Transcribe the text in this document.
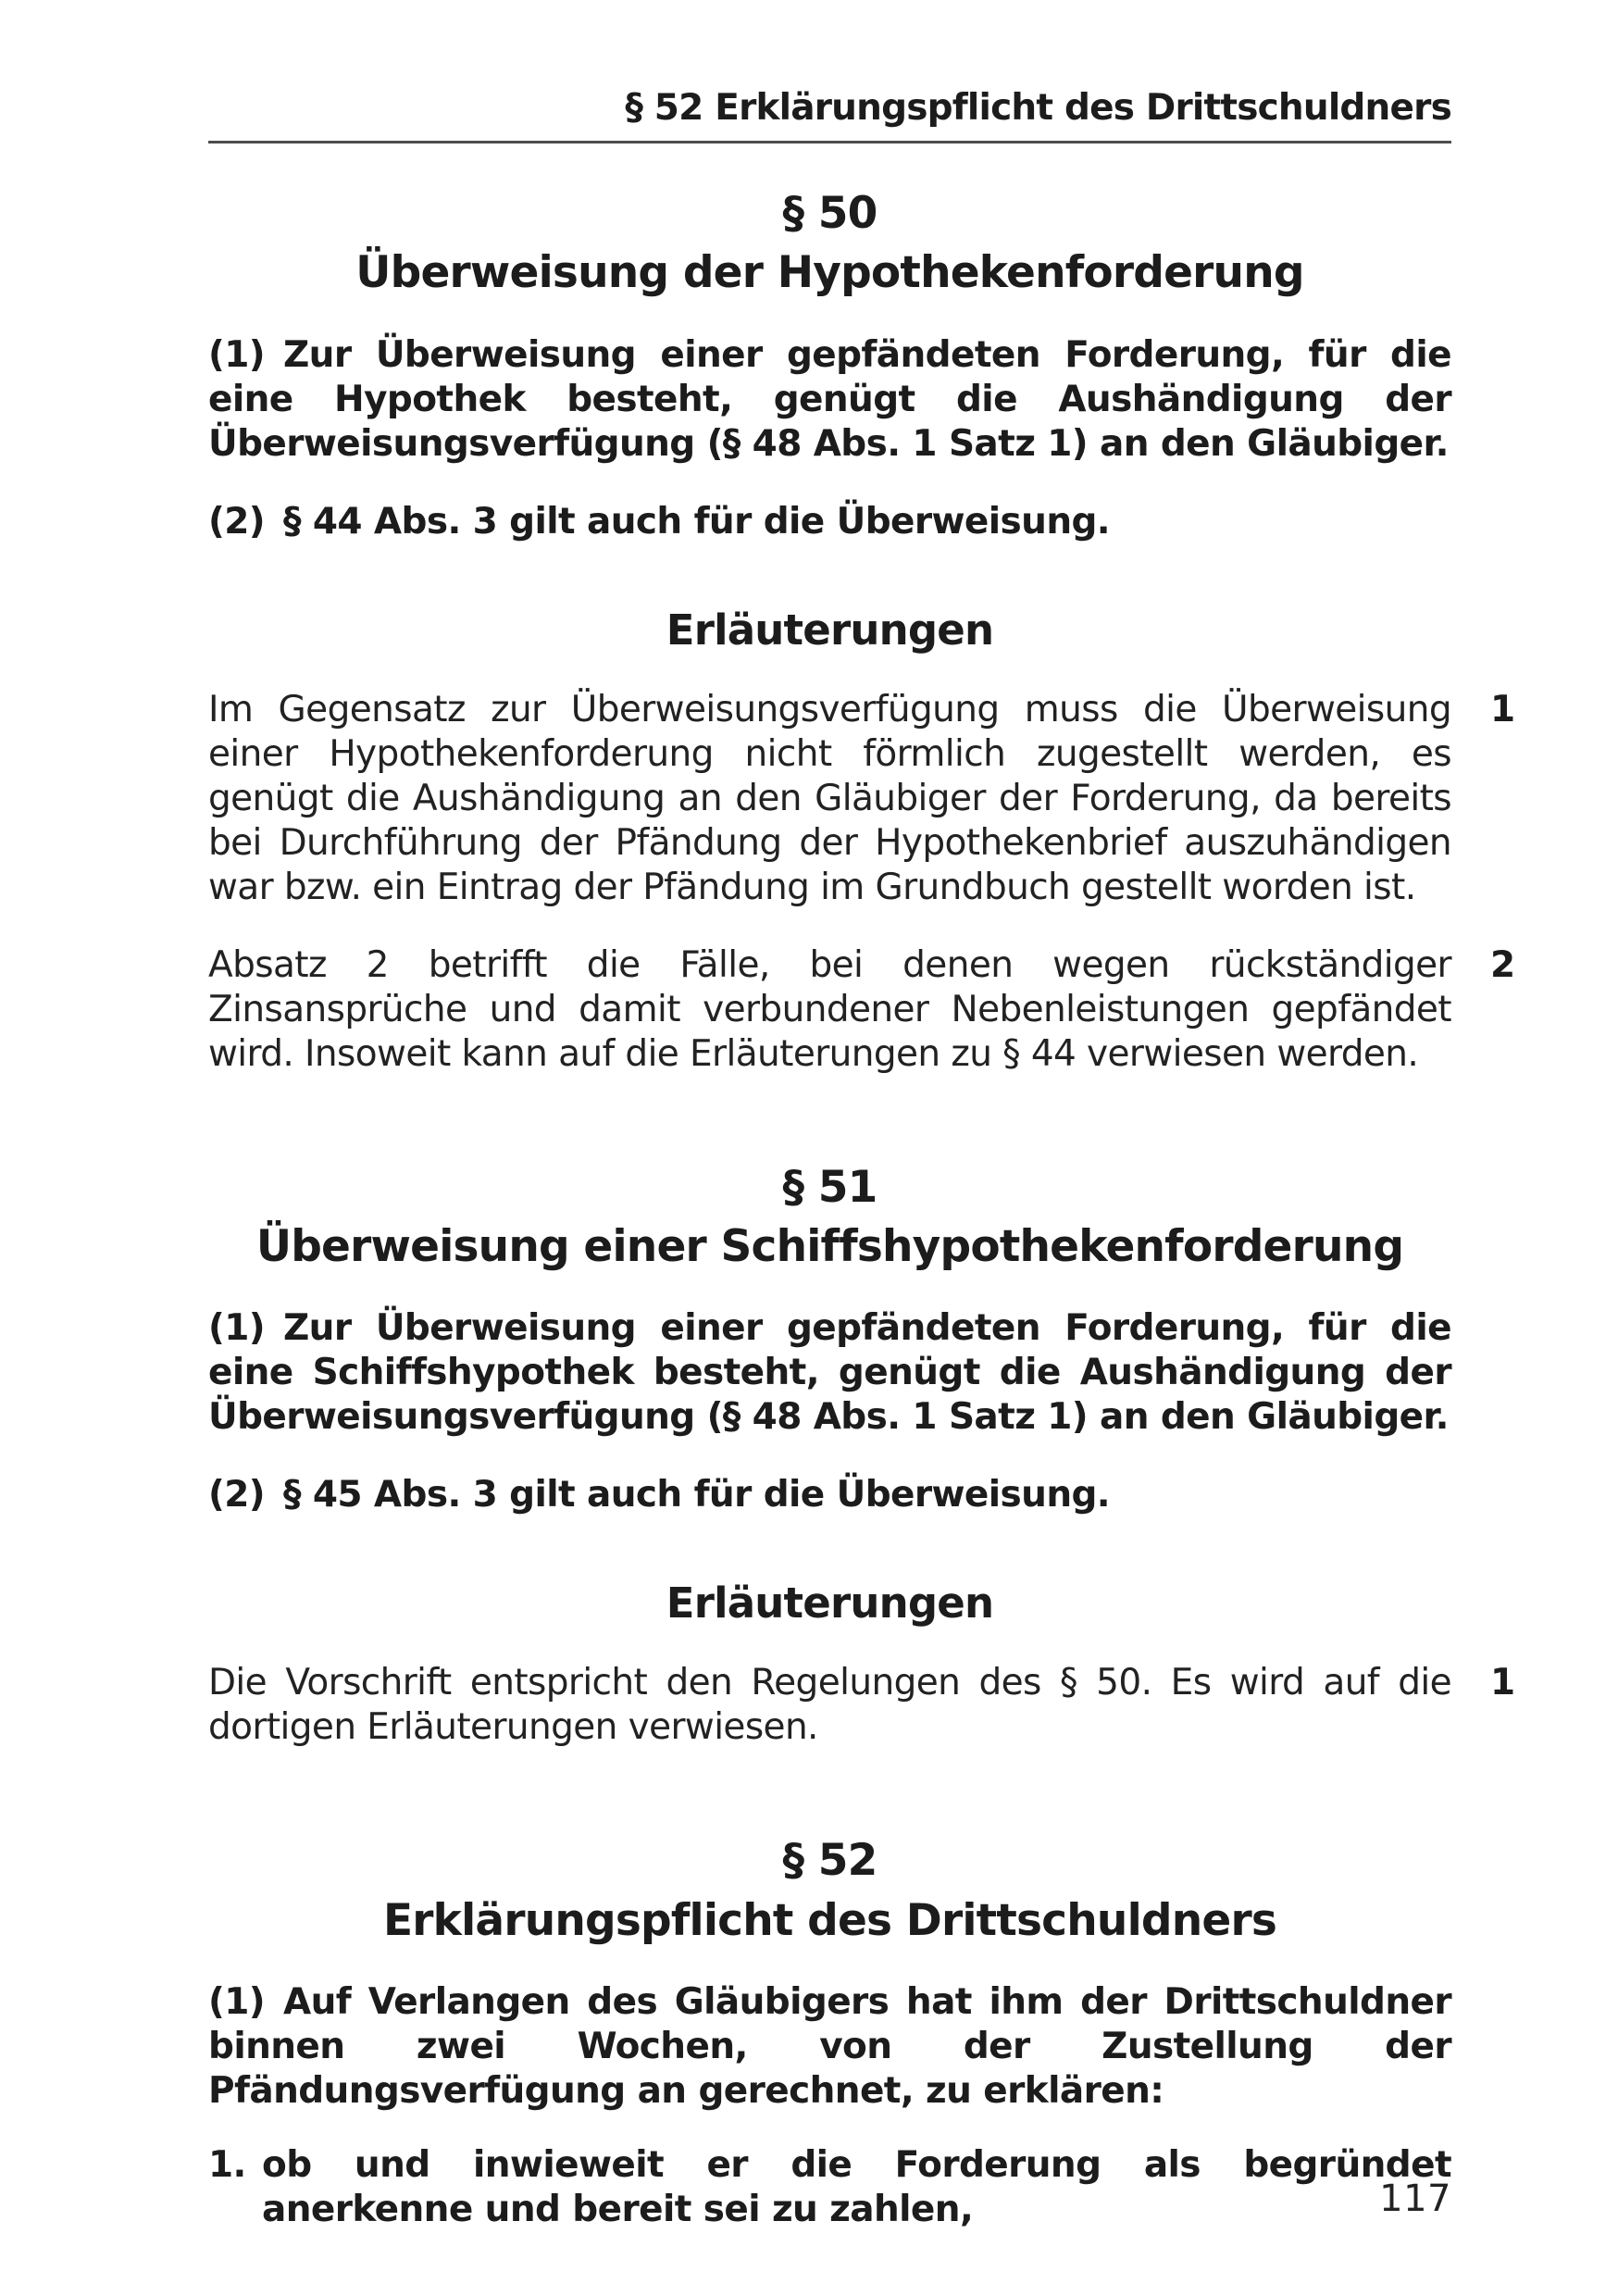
§ 52 Erklärungspflicht des Drittschuldners
§ 50
Überweisung der Hypothekenforderung

(1) Zur Überweisung einer gepfändeten Forderung, für die eine Hypothek besteht, genügt die Aushändigung der Überweisungsverfügung (§ 48 Abs. 1 Satz 1) an den Gläubiger.

(2) § 44 Abs. 3 gilt auch für die Überweisung.

Erläuterungen

Im Gegensatz zur Überweisungsverfügung muss die Überweisung einer Hypothekenforderung nicht förmlich zugestellt werden, es genügt die Aushändigung an den Gläubiger der Forderung, da bereits bei Durchführung der Pfändung der Hypothekenbrief auszuhändigen war bzw. ein Eintrag der Pfändung im Grundbuch gestellt worden ist.
1

Absatz 2 betrifft die Fälle, bei denen wegen rückständiger Zinsansprüche und damit verbundener Nebenleistungen gepfändet wird. Insoweit kann auf die Erläuterungen zu § 44 verwiesen werden.
2

§ 51
Überweisung einer Schiffshypothekenforderung

(1) Zur Überweisung einer gepfändeten Forderung, für die eine Schiffshypothek besteht, genügt die Aushändigung der Überweisungsverfügung (§ 48 Abs. 1 Satz 1) an den Gläubiger.

(2) § 45 Abs. 3 gilt auch für die Überweisung.

Erläuterungen

Die Vorschrift entspricht den Regelungen des § 50. Es wird auf die dortigen Erläuterungen verwiesen.
1

§ 52
Erklärungspflicht des Drittschuldners

(1) Auf Verlangen des Gläubigers hat ihm der Drittschuldner binnen zwei Wochen, von der Zustellung der Pfändungsverfügung an gerechnet, zu erklären:

1. ob und inwieweit er die Forderung als begründet anerkenne und bereit sei zu zahlen,	117
